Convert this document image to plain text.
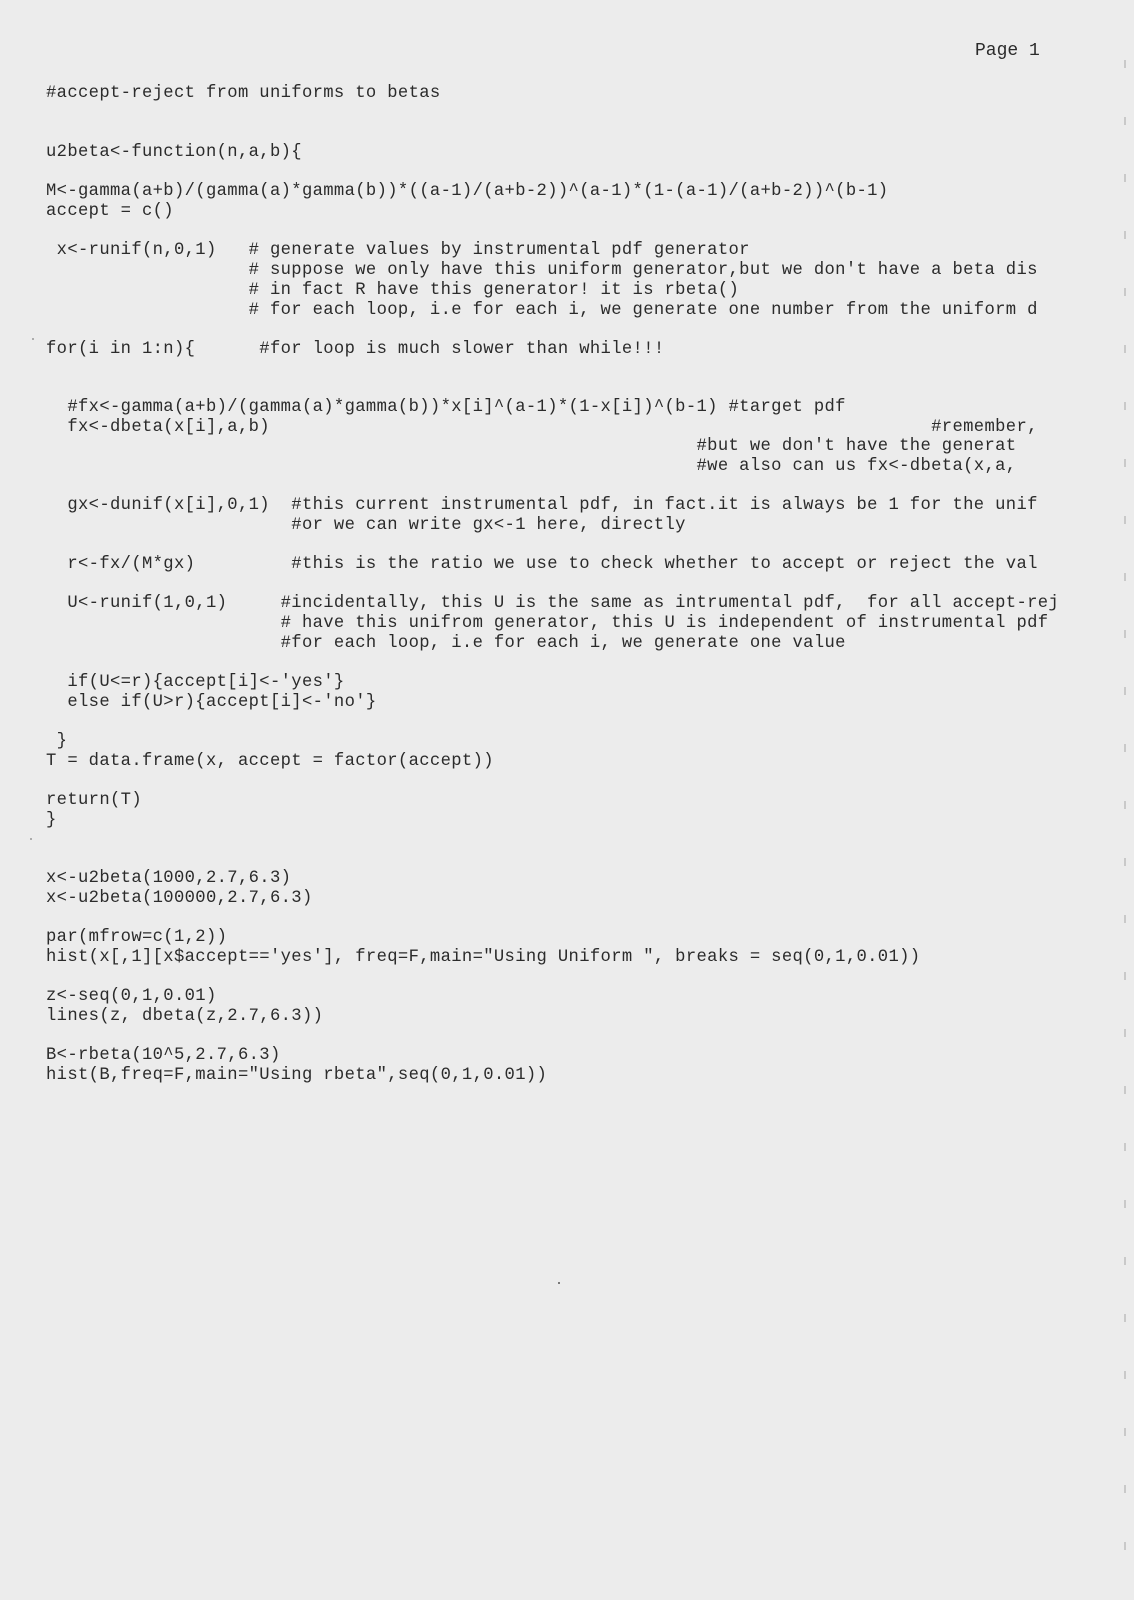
Page 1
#accept-reject from uniforms to betas
u2beta<-function(n,a,b){
M<-gamma(a+b)/(gamma(a)*gamma(b))*((a-1)/(a+b-2))^(a-1)*(1-(a-1)/(a+b-2))^(b-1)
accept = c()
x<-runif(n,0,1)   # generate values by instrumental pdf generator
# suppose we only have this uniform generator,but we don't have a beta dis
# in fact R have this generator! it is rbeta()
# for each loop, i.e for each i, we generate one number from the uniform d
for(i in 1:n){      #for loop is much slower than while!!!
#fx<-gamma(a+b)/(gamma(a)*gamma(b))*x[i]^(a-1)*(1-x[i])^(b-1) #target pdf
fx<-dbeta(x[i],a,b)                                                              #remember,
#but we don't have the generat
#we also can us fx<-dbeta(x,a,
gx<-dunif(x[i],0,1)  #this current instrumental pdf, in fact.it is always be 1 for the unif
#or we can write gx<-1 here, directly
r<-fx/(M*gx)         #this is the ratio we use to check whether to accept or reject the val
U<-runif(1,0,1)     #incidentally, this U is the same as intrumental pdf,  for all accept-rej
# have this unifrom generator, this U is independent of instrumental pdf
#for each loop, i.e for each i, we generate one value
if(U<=r){accept[i]<-'yes'}
else if(U>r){accept[i]<-'no'}
}
T = data.frame(x, accept = factor(accept))
return(T)
}
x<-u2beta(1000,2.7,6.3)
x<-u2beta(100000,2.7,6.3)
par(mfrow=c(1,2))
hist(x[,1][x$accept=='yes'], freq=F,main="Using Uniform ", breaks = seq(0,1,0.01))
z<-seq(0,1,0.01)
lines(z, dbeta(z,2.7,6.3))
B<-rbeta(10^5,2.7,6.3)
hist(B,freq=F,main="Using rbeta",seq(0,1,0.01))
